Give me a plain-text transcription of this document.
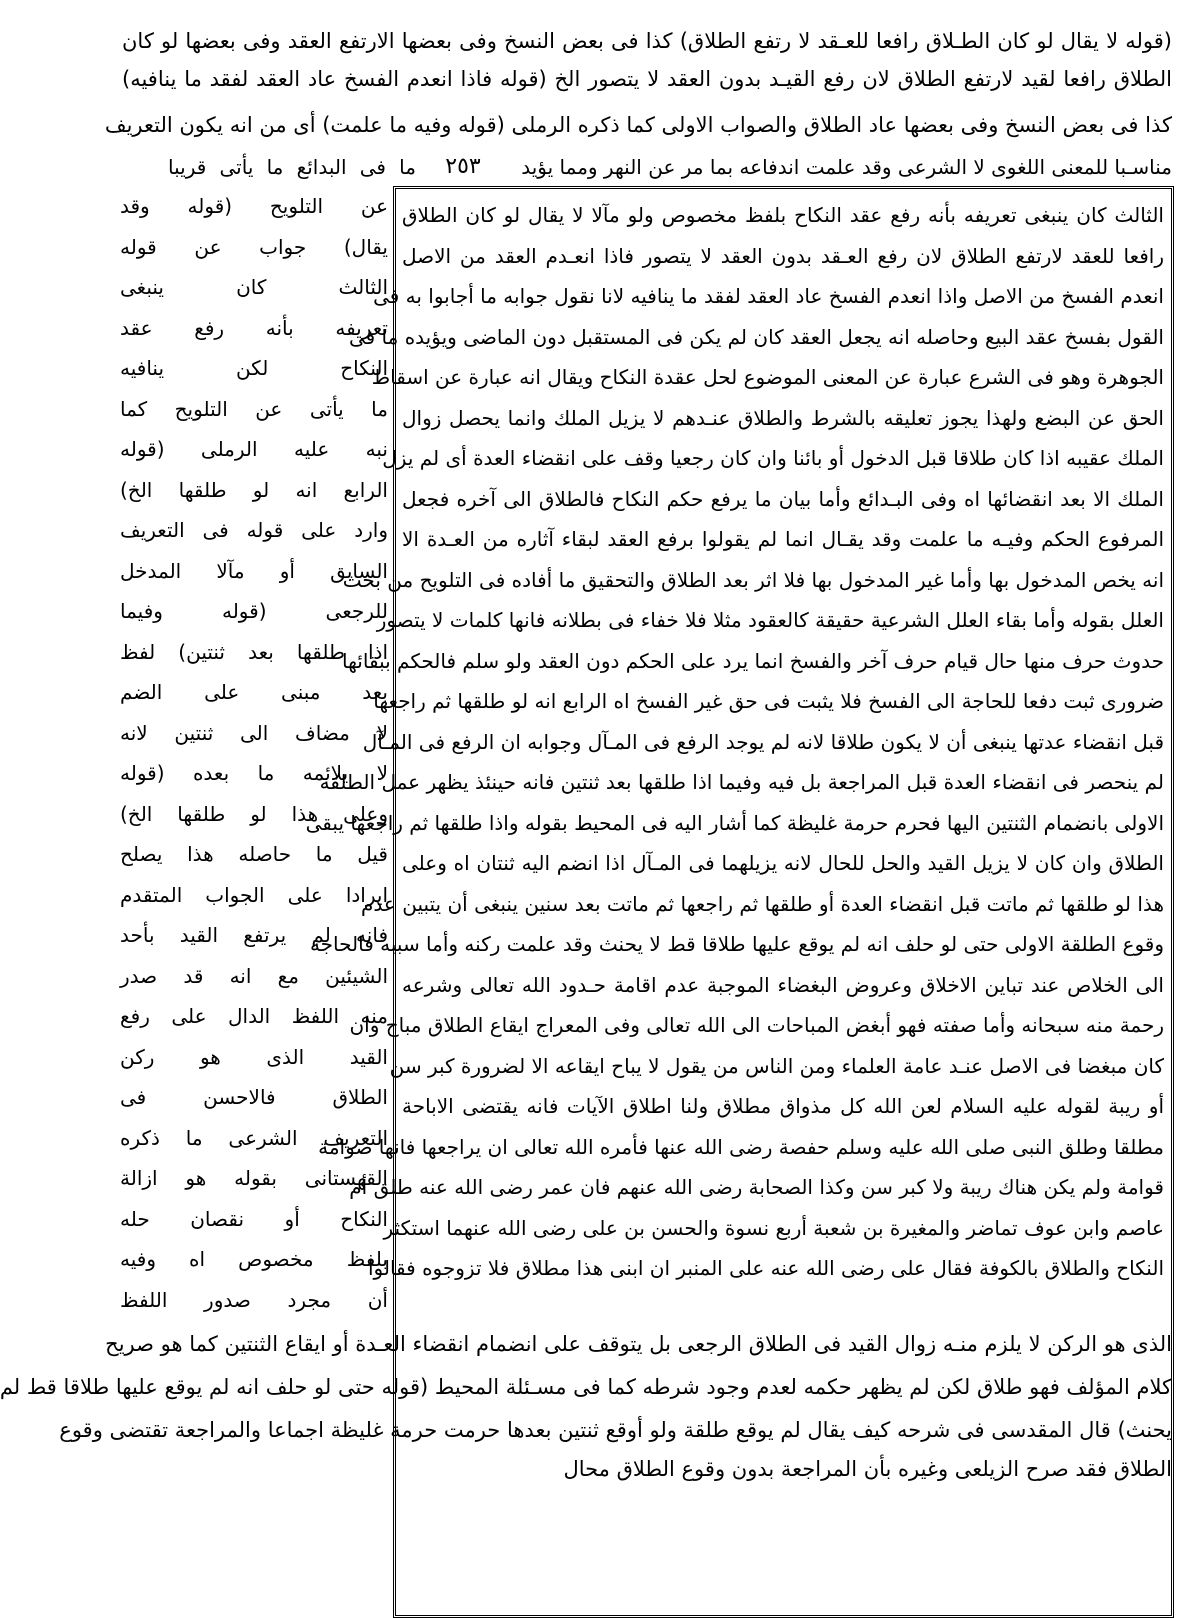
(قوله لا يقال لو كان الطـلاق رافعا للعـقد لا رتفع الطلاق) كذا فى بعض النسخ وفى بعضها الارتفع العقد وفى بعضها لو كان
الطلاق رافعا لقيد لارتفع الطلاق لان رفع القيـد بدون العقد لا يتصور الخ (قوله فاذا انعدم الفسخ عاد العقد لفقد ما ينافيه)
كذا فى بعض النسخ وفى بعضها عاد الطلاق والصواب الاولى كما ذكره الرملى (قوله وفيه ما علمت) أى من انه يكون التعريف
مناسـبا للمعنى اللغوى لا الشرعى وقد علمت اندفاعه بما مر عن النهر ومما يؤيد
٢٥٣
ما فى البدائع ما يأتى قريبا
الثالث كان ينبغى تعريفه بأنه رفع عقد النكاح بلفظ مخصوص ولو مآلا لا يقال لو كان الطلاق
رافعا للعقد لارتفع الطلاق لان رفع العـقد بدون العقد لا يتصور فاذا انعـدم العقد من الاصل
انعدم الفسخ من الاصل واذا انعدم الفسخ عاد العقد لفقد ما ينافيه لانا نقول جوابه ما أجابوا به فى
القول بفسخ عقد البيع وحاصله انه يجعل العقد كان لم يكن فى المستقبل دون الماضى ويؤيده ما فى
الجوهرة وهو فى الشرع عبارة عن المعنى الموضوع لحل عقدة النكاح ويقال انه عبارة عن اسقاط
الحق عن البضع ولهذا يجوز تعليقه بالشرط والطلاق عنـدهم لا يزيل الملك وانما يحصل زوال
الملك عقيبه اذا كان طلاقا قبل الدخول أو بائنا وان كان رجعيا وقف على انقضاء العدة أى لم يزل
الملك الا بعد انقضائها اه وفى البـدائع وأما بيان ما يرفع حكم النكاح فالطلاق الى آخره فجعل
المرفوع الحكم وفيـه ما علمت وقد يقـال انما لم يقولوا برفع العقد لبقاء آثاره من العـدة الا
انه يخص المدخول بها وأما غير المدخول بها فلا اثر بعد الطلاق والتحقيق ما أفاده فى التلويح من بحث
العلل بقوله وأما بقاء العلل الشرعية حقيقة كالعقود مثلا فلا خفاء فى بطلانه فانها كلمات لا يتصور
حدوث حرف منها حال قيام حرف آخر والفسخ انما يرد على الحكم دون العقد ولو سلم فالحكم ببقائها
ضرورى ثبت دفعا للحاجة الى الفسخ فلا يثبت فى حق غير الفسخ اه الرابع انه لو طلقها ثم راجعها
قبل انقضاء عدتها ينبغى أن لا يكون طلاقا لانه لم يوجد الرفع فى المـآل وجوابه ان الرفع فى المـآل
لم ينحصر فى انقضاء العدة قبل المراجعة بل فيه وفيما اذا طلقها بعد ثنتين فانه حينئذ يظهر عمل الطلقة
الاولى بانضمام الثنتين اليها فحرم حرمة غليظة كما أشار اليه فى المحيط بقوله واذا طلقها ثم راجعها يبقى
الطلاق وان كان لا يزيل القيد والحل للحال لانه يزيلهما فى المـآل اذا انضم اليه ثنتان اه وعلى
هذا لو طلقها ثم ماتت قبل انقضاء العدة أو طلقها ثم راجعها ثم ماتت بعد سنين ينبغى أن يتبين عدم
وقوع الطلقة الاولى حتى لو حلف انه لم يوقع عليها طلاقا قط لا يحنث وقد علمت ركنه وأما سببه فالحاجة
الى الخلاص عند تباين الاخلاق وعروض البغضاء الموجبة عدم اقامة حـدود الله تعالى وشرعه
رحمة منه سبحانه وأما صفته فهو أبغض المباحات الى الله تعالى وفى المعراج ايقاع الطلاق مباح وان
كان مبغضا فى الاصل عنـد عامة العلماء ومن الناس من يقول لا يباح ايقاعه الا لضرورة كبر سن
أو ريبة لقوله عليه السلام لعن الله كل مذواق مطلاق ولنا اطلاق الآيات فانه يقتضى الاباحة
مطلقا وطلق النبى صلى الله عليه وسلم حفصة رضى الله عنها فأمره الله تعالى ان يراجعها فانها صوامة
قوامة ولم يكن هناك ريبة ولا كبر سن وكذا الصحابة رضى الله عنهم فان عمر رضى الله عنه طلق أم
عاصم وابن عوف تماضر والمغيرة بن شعبة أربع نسوة والحسن بن على رضى الله عنهما استكثر
النكاح والطلاق بالكوفة فقال على رضى الله عنه على المنبر ان ابنى هذا مطلاق فلا تزوجوه فقالوا
عن التلويح (قوله وقد
يقال) جواب عن قوله
الثالث كان ينبغى
تعريفه بأنه رفع عقد
النكاح لكن ينافيه
ما يأتى عن التلويح كما
نبه عليه الرملى (قوله
الرابع انه لو طلقها الخ)
وارد على قوله فى التعريف
السابق أو مآلا المدخل
للرجعى (قوله وفيما
اذا طلقها بعد ثنتين) لفظ
بعد مبنى على الضم
لا مضاف الى ثنتين لانه
لا يلائمه ما بعده (قوله
وعلى هذا لو طلقها الخ)
قيل ما حاصله هذا يصلح
ايرادا على الجواب المتقدم
فانه لم يرتفع القيد بأحد
الشيئين مع انه قد صدر
منه اللفظ الدال على رفع
القيد الذى هو ركن
الطلاق فالاحسن فى
التعريف الشرعى ما ذكره
القهستانى بقوله هو ازالة
النكاح أو نقصان حله
بلفظ مخصوص اه وفيه
أن مجرد صدور اللفظ
الذى هو الركن لا يلزم منـه زوال القيد فى الطلاق الرجعى بل يتوقف على انضمام انقضاء العـدة أو ايقاع الثنتين كما هو صريح
كلام المؤلف فهو طلاق لكن لم يظهر حكمه لعدم وجود شرطه كما فى مسـئلة المحيط (قوله حتى لو حلف انه لم يوقع عليها طلاقا قط لم
يحنث) قال المقدسى فى شرحه كيف يقال لم يوقع طلقة ولو أوقع ثنتين بعدها حرمت حرمة غليظة اجماعا والمراجعة تقتضى وقوع
الطلاق فقد صرح الزيلعى وغيره بأن المراجعة بدون وقوع الطلاق محال
